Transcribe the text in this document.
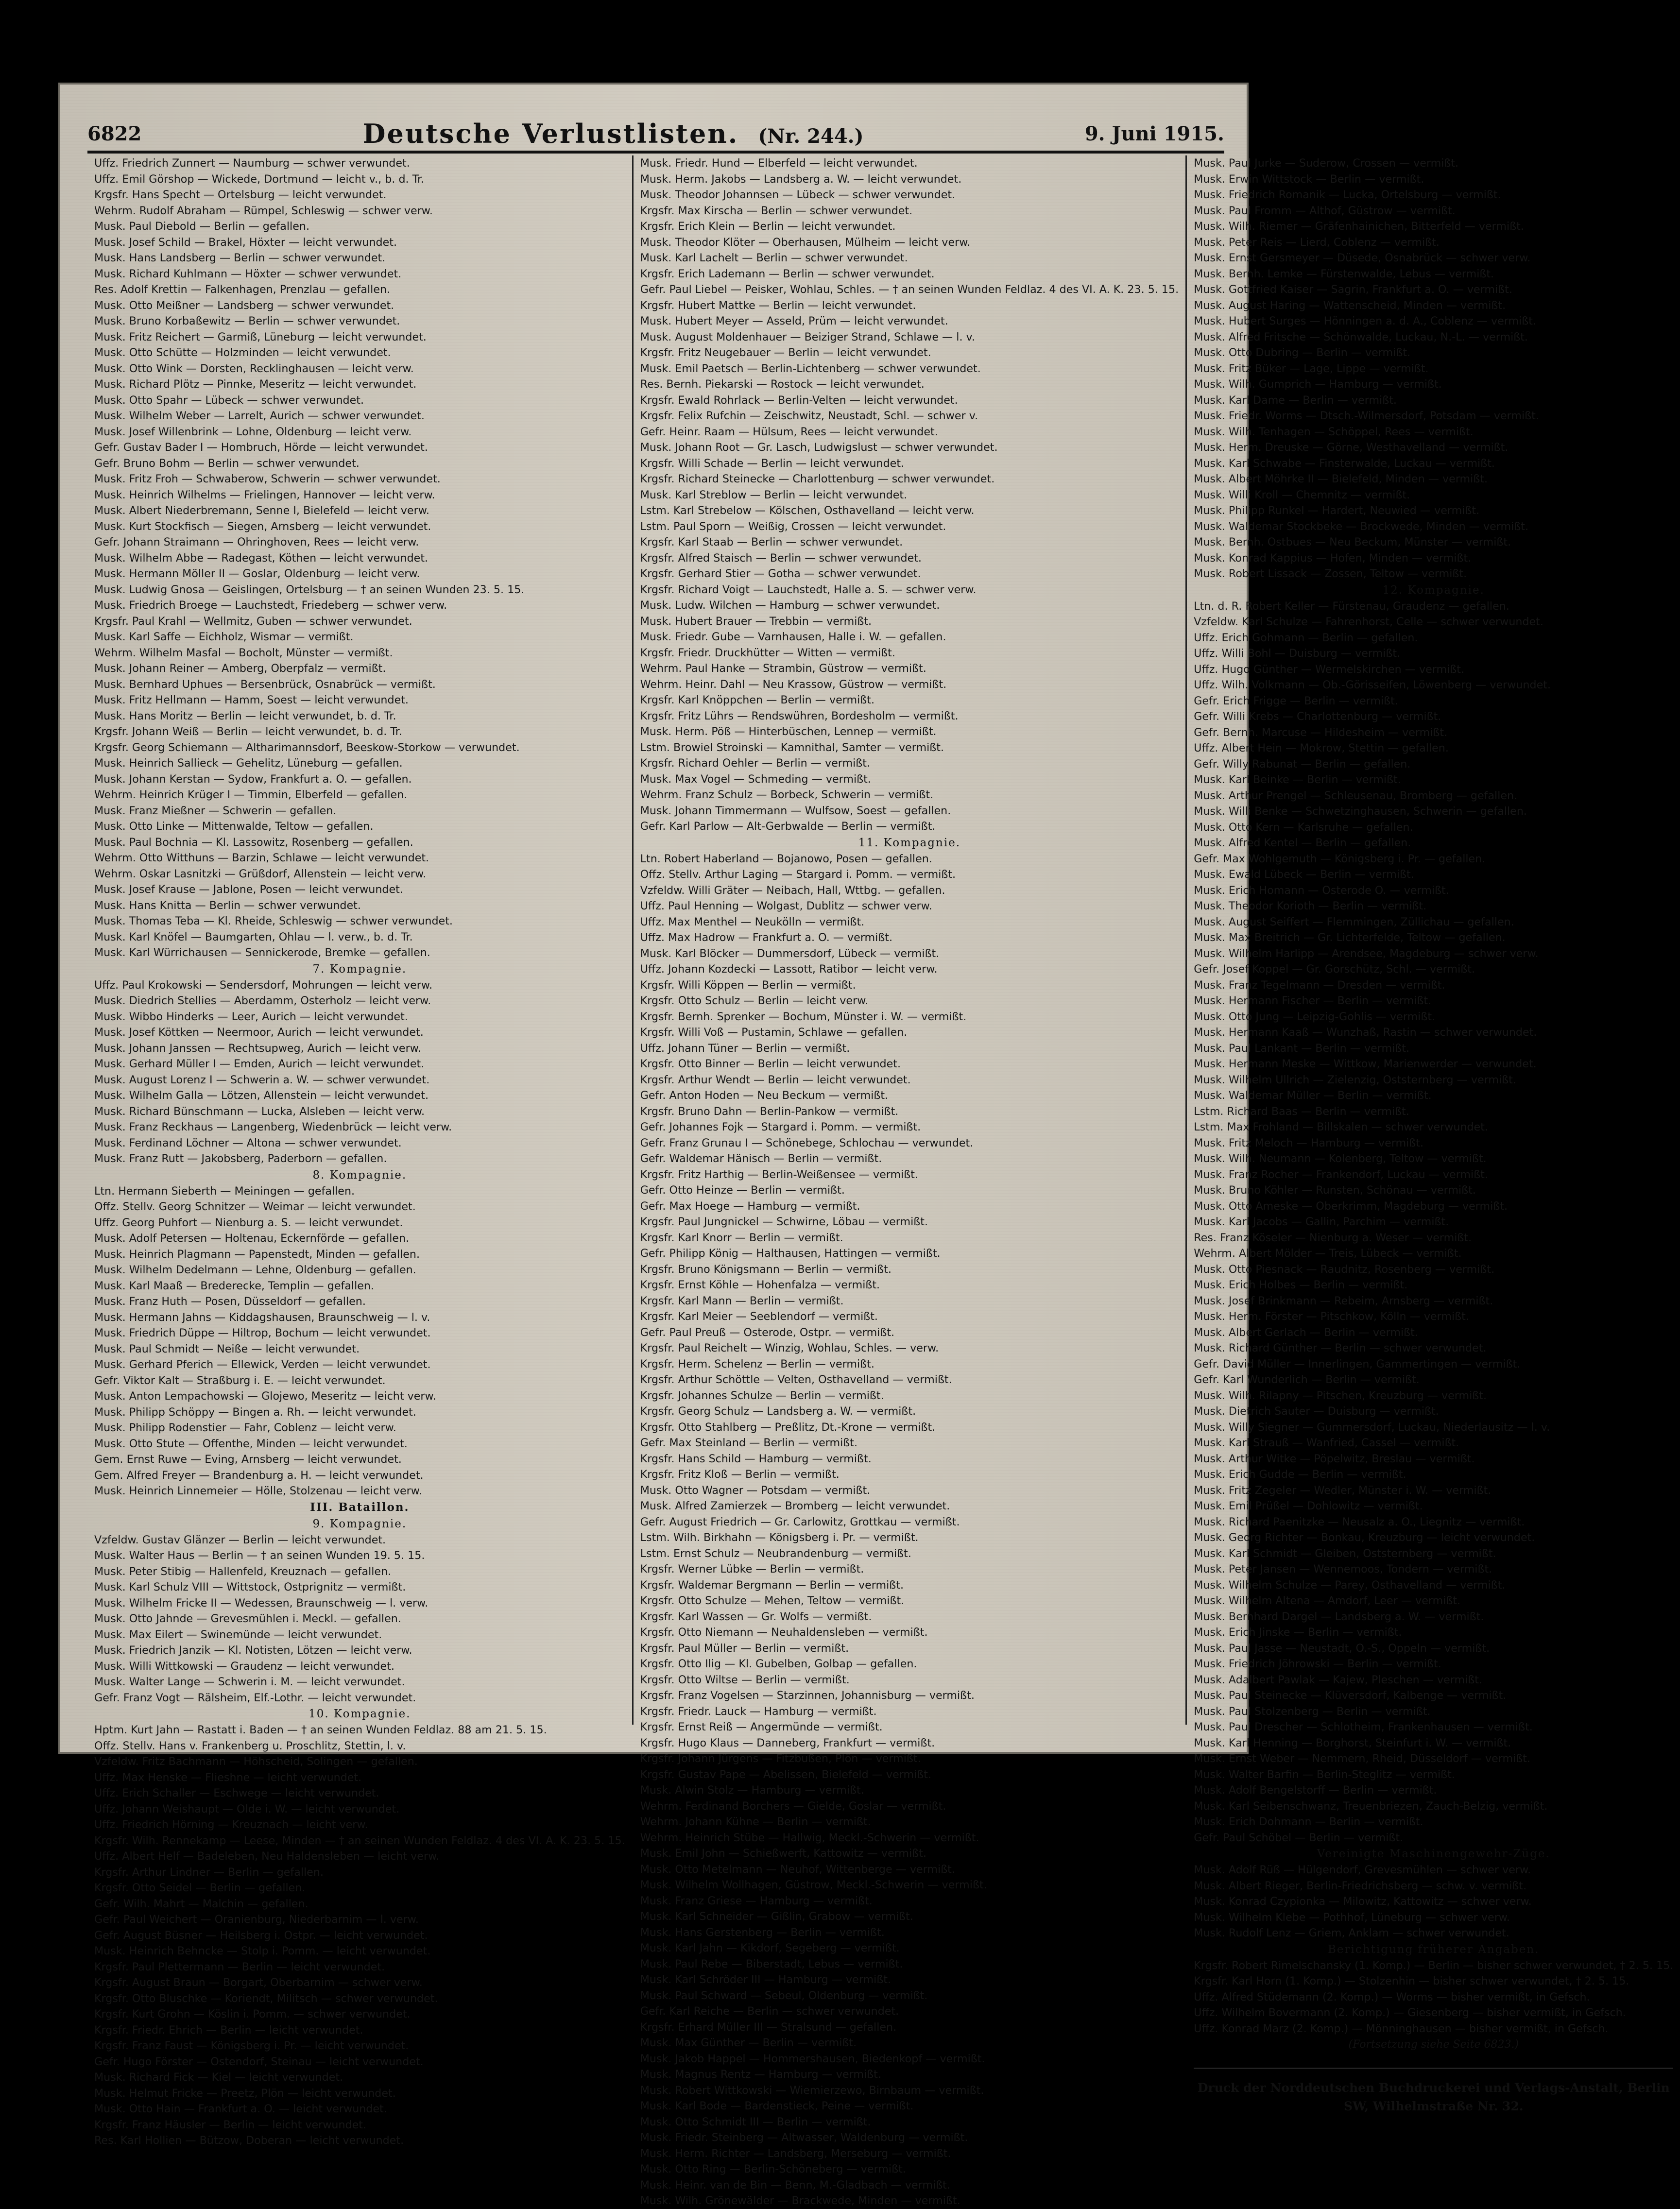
6822	Deutsche Verlustlisten. (Nr. 244.)	9. Juni 1915.
Uffz. Friedrich Zunnert — Naumburg — schwer verwundet.
Uffz. Emil Görshop — Wickede, Dortmund — leicht v., b. d. Tr.
Krgsfr. Hans Specht — Ortelsburg — leicht verwundet.
Wehrm. Rudolf Abraham — Rümpel, Schleswig — schwer verw.
Musk. Paul Diebold — Berlin — gefallen.
Musk. Josef Schild — Brakel, Höxter — leicht verwundet.
Musk. Hans Landsberg — Berlin — schwer verwundet.
Musk. Richard Kuhlmann — Höxter — schwer verwundet.
Res. Adolf Krettin — Falkenhagen, Prenzlau — gefallen.
Musk. Otto Meißner — Landsberg — schwer verwundet.
Musk. Bruno Korbaßewitz — Berlin — schwer verwundet.
Musk. Fritz Reichert — Garmiß, Lüneburg — leicht verwundet.
Musk. Otto Schütte — Holzminden — leicht verwundet.
Musk. Otto Wink — Dorsten, Recklinghausen — leicht verw.
Musk. Richard Plötz — Pinnke, Meseritz — leicht verwundet.
Musk. Otto Spahr — Lübeck — schwer verwundet.
Musk. Wilhelm Weber — Larrelt, Aurich — schwer verwundet.
Musk. Josef Willenbrink — Lohne, Oldenburg — leicht verw.
Gefr. Gustav Bader I — Hombruch, Hörde — leicht verwundet.
Gefr. Bruno Bohm — Berlin — schwer verwundet.
Musk. Fritz Froh — Schwaberow, Schwerin — schwer verwundet.
Musk. Heinrich Wilhelms — Frielingen, Hannover — leicht verw.
Musk. Albert Niederbremann, Senne I, Bielefeld — leicht verw.
Musk. Kurt Stockfisch — Siegen, Arnsberg — leicht verwundet.
Gefr. Johann Straimann — Ohringhoven, Rees — leicht verw.
Musk. Wilhelm Abbe — Radegast, Köthen — leicht verwundet.
Musk. Hermann Möller II — Goslar, Oldenburg — leicht verw.
Musk. Ludwig Gnosa — Geislingen, Ortelsburg — † an seinen Wunden 23. 5. 15.
Musk. Friedrich Broege — Lauchstedt, Friedeberg — schwer verw.
Krgsfr. Paul Krahl — Wellmitz, Guben — schwer verwundet.
Musk. Karl Saffe — Eichholz, Wismar — vermißt.
Wehrm. Wilhelm Masfal — Bocholt, Münster — vermißt.
Musk. Johann Reiner — Amberg, Oberpfalz — vermißt.
Musk. Bernhard Uphues — Bersenbrück, Osnabrück — vermißt.
Musk. Fritz Hellmann — Hamm, Soest — leicht verwundet.
Musk. Hans Moritz — Berlin — leicht verwundet, b. d. Tr.
Krgsfr. Johann Weiß — Berlin — leicht verwundet, b. d. Tr.
Krgsfr. Georg Schiemann — Altharimannsdorf, Beeskow-Storkow — verwundet.
Musk. Heinrich Sallieck — Gehelitz, Lüneburg — gefallen.
Musk. Johann Kerstan — Sydow, Frankfurt a. O. — gefallen.
Wehrm. Heinrich Krüger I — Timmin, Elberfeld — gefallen.
Musk. Franz Mießner — Schwerin — gefallen.
Musk. Otto Linke — Mittenwalde, Teltow — gefallen.
Musk. Paul Bochnia — Kl. Lassowitz, Rosenberg — gefallen.
Wehrm. Otto Witthuns — Barzin, Schlawe — leicht verwundet.
Wehrm. Oskar Lasnitzki — Grüßdorf, Allenstein — leicht verw.
Musk. Josef Krause — Jablone, Posen — leicht verwundet.
Musk. Hans Knitta — Berlin — schwer verwundet.
Musk. Thomas Teba — Kl. Rheide, Schleswig — schwer verwundet.
Musk. Karl Knöfel — Baumgarten, Ohlau — l. verw., b. d. Tr.
Musk. Karl Würrichausen — Sennickerode, Bremke — gefallen.
7. Kompagnie.
Uffz. Paul Krokowski — Sendersdorf, Mohrungen — leicht verw.
Musk. Diedrich Stellies — Aberdamm, Osterholz — leicht verw.
Musk. Wibbo Hinderks — Leer, Aurich — leicht verwundet.
Musk. Josef Köttken — Neermoor, Aurich — leicht verwundet.
Musk. Johann Janssen — Rechtsupweg, Aurich — leicht verw.
Musk. Gerhard Müller I — Emden, Aurich — leicht verwundet.
Musk. August Lorenz I — Schwerin a. W. — schwer verwundet.
Musk. Wilhelm Galla — Lötzen, Allenstein — leicht verwundet.
Musk. Richard Bünschmann — Lucka, Alsleben — leicht verw.
Musk. Franz Reckhaus — Langenberg, Wiedenbrück — leicht verw.
Musk. Ferdinand Löchner — Altona — schwer verwundet.
Musk. Franz Rutt — Jakobsberg, Paderborn — gefallen.
8. Kompagnie.
Ltn. Hermann Sieberth — Meiningen — gefallen.
Offz. Stellv. Georg Schnitzer — Weimar — leicht verwundet.
Uffz. Georg Puhfort — Nienburg a. S. — leicht verwundet.
Musk. Adolf Petersen — Holtenau, Eckernförde — gefallen.
Musk. Heinrich Plagmann — Papenstedt, Minden — gefallen.
Musk. Wilhelm Dedelmann — Lehne, Oldenburg — gefallen.
Musk. Karl Maaß — Brederecke, Templin — gefallen.
Musk. Franz Huth — Posen, Düsseldorf — gefallen.
Musk. Hermann Jahns — Kiddagshausen, Braunschweig — l. v.
Musk. Friedrich Düppe — Hiltrop, Bochum — leicht verwundet.
Musk. Paul Schmidt — Neiße — leicht verwundet.
Musk. Gerhard Pferich — Ellewick, Verden — leicht verwundet.
Gefr. Viktor Kalt — Straßburg i. E. — leicht verwundet.
Musk. Anton Lempachowski — Glojewo, Meseritz — leicht verw.
Musk. Philipp Schöppy — Bingen a. Rh. — leicht verwundet.
Musk. Philipp Rodenstier — Fahr, Coblenz — leicht verw.
Musk. Otto Stute — Offenthe, Minden — leicht verwundet.
Gem. Ernst Ruwe — Eving, Arnsberg — leicht verwundet.
Gem. Alfred Freyer — Brandenburg a. H. — leicht verwundet.
Musk. Heinrich Linnemeier — Hölle, Stolzenau — leicht verw.
III. Bataillon.
9. Kompagnie.
Vzfeldw. Gustav Glänzer — Berlin — leicht verwundet.
Musk. Walter Haus — Berlin — † an seinen Wunden 19. 5. 15.
Musk. Peter Stibig — Hallenfeld, Kreuznach — gefallen.
Musk. Karl Schulz VIII — Wittstock, Ostprignitz — vermißt.
Musk. Wilhelm Fricke II — Wedessen, Braunschweig — l. verw.
Musk. Otto Jahnde — Grevesmühlen i. Meckl. — gefallen.
Musk. Max Eilert — Swinemünde — leicht verwundet.
Musk. Friedrich Janzik — Kl. Notisten, Lötzen — leicht verw.
Musk. Willi Wittkowski — Graudenz — leicht verwundet.
Musk. Walter Lange — Schwerin i. M. — leicht verwundet.
Gefr. Franz Vogt — Rälsheim, Elf.-Lothr. — leicht verwundet.
10. Kompagnie.
Hptm. Kurt Jahn — Rastatt i. Baden — † an seinen Wunden Feldlaz. 88 am 21. 5. 15.
Offz. Stellv. Hans v. Frankenberg u. Proschlitz, Stettin, l. v.
Vzfeldw. Fritz Bachmann — Höhscheid, Solingen — gefallen.
Uffz. Max Henske — Flieshne — leicht verwundet.
Uffz. Erich Schaller — Eschwege — leicht verwundet.
Uffz. Johann Weishaupt — Olde i. W. — leicht verwundet.
Uffz. Friedrich Hörning — Kreuznach — leicht verw.
Krgsfr. Wilh. Rennekamp — Leese, Minden — † an seinen Wunden Feldlaz. 4 des VI. A. K. 23. 5. 15.
Uffz. Albert Helf — Badeleben, Neu Haldensleben — leicht verw.
Krgsfr. Arthur Lindner — Berlin — gefallen.
Krgsfr. Otto Seidel — Berlin — gefallen.
Gefr. Wilh. Mahrt — Malchin — gefallen.
Gefr. Paul Weichert — Oranienburg, Niederbarnim — l. verw.
Gefr. August Büsner — Heilsberg i. Ostpr. — leicht verwundet.
Musk. Heinrich Behncke — Stolp i. Pomm. — leicht verwundet.
Krgsfr. Paul Plettermann — Berlin — leicht verwundet.
Krgsfr. August Braun — Borgart, Oberbarnim — schwer verw.
Krgsfr. Otto Bluschke — Koriendt, Militsch — schwer verwundet.
Krgsfr. Kurt Grohn — Köslin i. Pomm. — schwer verwundet.
Krgsfr. Friedr. Ehrich — Berlin — leicht verwundet.
Krgsfr. Franz Faust — Königsberg i. Pr. — leicht verwundet.
Gefr. Hugo Förster — Ostendorf, Steinau — leicht verwundet.
Musk. Richard Fick — Kiel — leicht verwundet.
Musk. Helmut Fricke — Preetz, Plön — leicht verwundet.
Musk. Otto Hain — Frankfurt a. O. — leicht verwundet.
Krgsfr. Franz Häusler — Berlin — leicht verwundet.
Res. Karl Hollien — Bützow, Doberan — leicht verwundet.
Musk. Friedr. Hund — Elberfeld — leicht verwundet.
Musk. Herm. Jakobs — Landsberg a. W. — leicht verwundet.
Musk. Theodor Johannsen — Lübeck — schwer verwundet.
Krgsfr. Max Kirscha — Berlin — schwer verwundet.
Krgsfr. Erich Klein — Berlin — leicht verwundet.
Musk. Theodor Klöter — Oberhausen, Mülheim — leicht verw.
Musk. Karl Lachelt — Berlin — schwer verwundet.
Krgsfr. Erich Lademann — Berlin — schwer verwundet.
Gefr. Paul Liebel — Peisker, Wohlau, Schles. — † an seinen Wunden Feldlaz. 4 des VI. A. K. 23. 5. 15.
Krgsfr. Hubert Mattke — Berlin — leicht verwundet.
Musk. Hubert Meyer — Asseld, Prüm — leicht verwundet.
Musk. August Moldenhauer — Beiziger Strand, Schlawe — l. v.
Krgsfr. Fritz Neugebauer — Berlin — leicht verwundet.
Musk. Emil Paetsch — Berlin-Lichtenberg — schwer verwundet.
Res. Bernh. Piekarski — Rostock — leicht verwundet.
Krgsfr. Ewald Rohrlack — Berlin-Velten — leicht verwundet.
Krgsfr. Felix Rufchin — Zeischwitz, Neustadt, Schl. — schwer v.
Gefr. Heinr. Raam — Hülsum, Rees — leicht verwundet.
Musk. Johann Root — Gr. Lasch, Ludwigslust — schwer verwundet.
Krgsfr. Willi Schade — Berlin — leicht verwundet.
Krgsfr. Richard Steinecke — Charlottenburg — schwer verwundet.
Musk. Karl Streblow — Berlin — leicht verwundet.
Lstm. Karl Strebelow — Kölschen, Osthavelland — leicht verw.
Lstm. Paul Sporn — Weißig, Crossen — leicht verwundet.
Krgsfr. Karl Staab — Berlin — schwer verwundet.
Krgsfr. Alfred Staisch — Berlin — schwer verwundet.
Krgsfr. Gerhard Stier — Gotha — schwer verwundet.
Krgsfr. Richard Voigt — Lauchstedt, Halle a. S. — schwer verw.
Musk. Ludw. Wilchen — Hamburg — schwer verwundet.
Musk. Hubert Brauer — Trebbin — vermißt.
Musk. Friedr. Gube — Varnhausen, Halle i. W. — gefallen.
Krgsfr. Friedr. Druckhütter — Witten — vermißt.
Wehrm. Paul Hanke — Strambin, Güstrow — vermißt.
Wehrm. Heinr. Dahl — Neu Krassow, Güstrow — vermißt.
Krgsfr. Karl Knöppchen — Berlin — vermißt.
Krgsfr. Fritz Lührs — Rendswühren, Bordesholm — vermißt.
Musk. Herm. Pöß — Hinterbüschen, Lennep — vermißt.
Lstm. Browiel Stroinski — Kamnithal, Samter — vermißt.
Krgsfr. Richard Oehler — Berlin — vermißt.
Musk. Max Vogel — Schmeding — vermißt.
Wehrm. Franz Schulz — Borbeck, Schwerin — vermißt.
Musk. Johann Timmermann — Wulfsow, Soest — gefallen.
Gefr. Karl Parlow — Alt-Gerbwalde — Berlin — vermißt.
11. Kompagnie.
Ltn. Robert Haberland — Bojanowo, Posen — gefallen.
Offz. Stellv. Arthur Laging — Stargard i. Pomm. — vermißt.
Vzfeldw. Willi Gräter — Neibach, Hall, Wttbg. — gefallen.
Uffz. Paul Henning — Wolgast, Dublitz — schwer verw.
Uffz. Max Menthel — Neukölln — vermißt.
Uffz. Max Hadrow — Frankfurt a. O. — vermißt.
Musk. Karl Blöcker — Dummersdorf, Lübeck — vermißt.
Uffz. Johann Kozdecki — Lassott, Ratibor — leicht verw.
Krgsfr. Willi Köppen — Berlin — vermißt.
Krgsfr. Otto Schulz — Berlin — leicht verw.
Krgsfr. Bernh. Sprenker — Bochum, Münster i. W. — vermißt.
Krgsfr. Willi Voß — Pustamin, Schlawe — gefallen.
Uffz. Johann Tüner — Berlin — vermißt.
Krgsfr. Otto Binner — Berlin — leicht verwundet.
Krgsfr. Arthur Wendt — Berlin — leicht verwundet.
Gefr. Anton Hoden — Neu Beckum — vermißt.
Krgsfr. Bruno Dahn — Berlin-Pankow — vermißt.
Gefr. Johannes Fojk — Stargard i. Pomm. — vermißt.
Gefr. Franz Grunau I — Schönebege, Schlochau — verwundet.
Gefr. Waldemar Hänisch — Berlin — vermißt.
Krgsfr. Fritz Harthig — Berlin-Weißensee — vermißt.
Gefr. Otto Heinze — Berlin — vermißt.
Gefr. Max Hoege — Hamburg — vermißt.
Krgsfr. Paul Jungnickel — Schwirne, Löbau — vermißt.
Krgsfr. Karl Knorr — Berlin — vermißt.
Gefr. Philipp König — Halthausen, Hattingen — vermißt.
Krgsfr. Bruno Königsmann — Berlin — vermißt.
Krgsfr. Ernst Köhle — Hohenfalza — vermißt.
Krgsfr. Karl Mann — Berlin — vermißt.
Krgsfr. Karl Meier — Seeblendorf — vermißt.
Gefr. Paul Preuß — Osterode, Ostpr. — vermißt.
Krgsfr. Paul Reichelt — Winzig, Wohlau, Schles. — verw.
Krgsfr. Herm. Schelenz — Berlin — vermißt.
Krgsfr. Arthur Schöttle — Velten, Osthavelland — vermißt.
Krgsfr. Johannes Schulze — Berlin — vermißt.
Krgsfr. Georg Schulz — Landsberg a. W. — vermißt.
Krgsfr. Otto Stahlberg — Preßlitz, Dt.-Krone — vermißt.
Gefr. Max Steinland — Berlin — vermißt.
Krgsfr. Hans Schild — Hamburg — vermißt.
Krgsfr. Fritz Kloß — Berlin — vermißt.
Musk. Otto Wagner — Potsdam — vermißt.
Musk. Alfred Zamierzek — Bromberg — leicht verwundet.
Gefr. August Friedrich — Gr. Carlowitz, Grottkau — vermißt.
Lstm. Wilh. Birkhahn — Königsberg i. Pr. — vermißt.
Lstm. Ernst Schulz — Neubrandenburg — vermißt.
Krgsfr. Werner Lübke — Berlin — vermißt.
Krgsfr. Waldemar Bergmann — Berlin — vermißt.
Krgsfr. Otto Schulze — Mehen, Teltow — vermißt.
Krgsfr. Karl Wassen — Gr. Wolfs — vermißt.
Krgsfr. Otto Niemann — Neuhaldensleben — vermißt.
Krgsfr. Paul Müller — Berlin — vermißt.
Krgsfr. Otto Ilig — Kl. Gubelben, Golbap — gefallen.
Krgsfr. Otto Wiltse — Berlin — vermißt.
Krgsfr. Franz Vogelsen — Starzinnen, Johannisburg — vermißt.
Krgsfr. Friedr. Lauck — Hamburg — vermißt.
Krgsfr. Ernst Reiß — Angermünde — vermißt.
Krgsfr. Hugo Klaus — Danneberg, Frankfurt — vermißt.
Krgsfr. Johann Jürgens — Fitzbußen, Plön — vermißt.
Krgsfr. Gustav Pape — Abelissen, Bielefeld — vermißt.
Musk. Alwin Stolz — Hamburg — vermißt.
Wehrm. Ferdinand Borchers — Gielde, Goslar — vermißt.
Wehrm. Johann Kühne — Berlin — vermißt.
Wehrm. Heinrich Stübe — Hallwig, Meckl.-Schwerin — vermißt.
Musk. Emil John — Schießwerft, Kattowitz — vermißt.
Musk. Otto Metelmann — Neuhof, Wittenberge — vermißt.
Musk. Wilhelm Wollhagen, Güstrow, Meckl.-Schwerin — vermißt.
Musk. Franz Griese — Hamburg — vermißt.
Musk. Karl Schneider — Gißlin, Grabow — vermißt.
Musk. Hans Gerstenberg — Berlin — vermißt.
Musk. Karl Jahn — Kikdorf, Segeberg — vermißt.
Musk. Paul Rebe — Biberstadt, Lebus — vermißt.
Musk. Karl Schröder III — Hamburg — vermißt.
Musk. Paul Schward — Sebeul, Oldenburg — vermißt.
Gefr. Karl Reiche — Berlin — schwer verwundet.
Krgsfr. Erhard Müller III — Stralsund — gefallen.
Musk. Max Günther — Berlin — vermißt.
Musk. Jakob Happel — Hommershausen, Biedenkopf — vermißt.
Musk. Magnus Rentz — Hamburg — vermißt.
Musk. Robert Wittkowski — Wiemierzewo, Birnbaum — vermißt.
Musk. Karl Bode — Bardenstieck, Peine — vermißt.
Musk. Otto Schmidt III — Berlin — vermißt.
Musk. Friedr. Steinberg — Altwasser, Waldenburg — vermißt.
Musk. Herm. Richter — Landsberg, Merseburg — vermißt.
Musk. Otto Ring — Berlin-Schöneberg — vermißt.
Musk. Heinr. van de Bin — Benn, M.-Gladbach — vermißt.
Musk. Wilh. Grönewälder — Brackwede, Minden — vermißt.
Musk. Paul Jurke — Suderow, Crossen — vermißt.
Musk. Erwin Wittstock — Berlin — vermißt.
Musk. Friedrich Romanik — Lucka, Ortelsburg — vermißt.
Musk. Paul Fromm — Althof, Güstrow — vermißt.
Musk. Wilh. Riemer — Gräfenhainichen, Bitterfeld — vermißt.
Musk. Peter Reis — Lierd, Coblenz — vermißt.
Musk. Ernst Gersmeyer — Düsede, Osnabrück — schwer verw.
Musk. Bernh. Lemke — Fürstenwalde, Lebus — vermißt.
Musk. Gottfried Kaiser — Sagrin, Frankfurt a. O. — vermißt.
Musk. August Haring — Wattenscheid, Minden — vermißt.
Musk. Hubert Surges — Hönningen a. d. A., Coblenz — vermißt.
Musk. Alfred Fritsche — Schönwalde, Luckau, N.-L. — vermißt.
Musk. Otto Dubring — Berlin — vermißt.
Musk. Fritz Büker — Lage, Lippe — vermißt.
Musk. Wilh. Gumprich — Hamburg — vermißt.
Musk. Karl Dame — Berlin — vermißt.
Musk. Friedr. Worms — Dtsch.-Wilmersdorf, Potsdam — vermißt.
Musk. Wilh. Tenhagen — Schöppel, Rees — vermißt.
Musk. Herm. Dreuske — Görne, Westhavelland — vermißt.
Musk. Karl Schwabe — Finsterwalde, Luckau — vermißt.
Musk. Albert Möhrke II — Bielefeld, Minden — vermißt.
Musk. Willi Kroll — Chemnitz — vermißt.
Musk. Philipp Runkel — Hardert, Neuwied — vermißt.
Musk. Waldemar Stockbeke — Brockwede, Minden — vermißt.
Musk. Bernh. Ostbues — Neu Beckum, Münster — vermißt.
Musk. Konrad Kappius — Hofen, Minden — vermißt.
Musk. Robert Lissack — Zossen, Teltow — vermißt.
12. Kompagnie.
Ltn. d. R. Robert Keller — Fürstenau, Graudenz — gefallen.
Vzfeldw. Karl Schulze — Fahrenhorst, Celle — schwer verwundet.
Uffz. Erich Gohmann — Berlin — gefallen.
Uffz. Willi Bohl — Duisburg — vermißt.
Uffz. Hugo Günther — Wermelskirchen — vermißt.
Uffz. Wilh. Volkmann — Ob.-Görisseifen, Löwenberg — verwundet.
Gefr. Erich Frigge — Berlin — vermißt.
Gefr. Willi Krebs — Charlottenburg — vermißt.
Gefr. Bernh. Marcuse — Hildesheim — vermißt.
Uffz. Albert Hein — Mokrow, Stettin — gefallen.
Gefr. Willy Rabunat — Berlin — gefallen.
Musk. Karl Beinke — Berlin — vermißt.
Musk. Arthur Prengel — Schleusenau, Bromberg — gefallen.
Musk. Willi Benke — Schwetzinghausen, Schwerin — gefallen.
Musk. Otto Kern — Karlsruhe — gefallen.
Musk. Alfred Kentel — Berlin — gefallen.
Gefr. Max Wohlgemuth — Königsberg i. Pr. — gefallen.
Musk. Ewald Lübeck — Berlin — vermißt.
Musk. Erich Homann — Osterode O. — vermißt.
Musk. Theodor Korioth — Berlin — vermißt.
Musk. August Seiffert — Flemmingen, Züllichau — gefallen.
Musk. Max Breitrich — Gr. Lichterfelde, Teltow — gefallen.
Musk. Wilhelm Harlipp — Arendsee, Magdeburg — schwer verw.
Gefr. Josef Koppel — Gr. Gorschütz, Schl. — vermißt.
Musk. Franz Tegelmann — Dresden — vermißt.
Musk. Hermann Fischer — Berlin — vermißt.
Musk. Otto Jung — Leipzig-Gohlis — vermißt.
Musk. Hermann Kaaß — Wunzhaß, Rastin — schwer verwundet.
Musk. Paul Lankant — Berlin — vermißt.
Musk. Hermann Meske — Wittkow, Marienwerder — verwundet.
Musk. Wilhelm Ullrich — Zielenzig, Oststernberg — vermißt.
Musk. Waldemar Müller — Berlin — vermißt.
Lstm. Richard Baas — Berlin — vermißt.
Lstm. Max Frohland — Billskalen — schwer verwundet.
Musk. Fritz Meloch — Hamburg — vermißt.
Musk. Wilh. Neumann — Kolenberg, Teltow — vermißt.
Musk. Franz Rocher — Frankendorf, Luckau — vermißt.
Musk. Bruno Köhler — Runsten, Schönau — vermißt.
Musk. Otto Ameske — Oberkrimm, Magdeburg — vermißt.
Musk. Karl Jacobs — Gallin, Parchim — vermißt.
Res. Franz Köseler — Nienburg a. Weser — vermißt.
Wehrm. Albert Mölder — Treis, Lübeck — vermißt.
Musk. Otto Piesnack — Raudnitz, Rosenberg — vermißt.
Musk. Erich Holbes — Berlin — vermißt.
Musk. Josef Brinkmann — Rebeim, Arnsberg — vermißt.
Musk. Herm. Förster — Pitschkow, Kölln — vermißt.
Musk. Albert Gerlach — Berlin — vermißt.
Musk. Richard Günther — Berlin — schwer verwundet.
Gefr. David Müller — Innerlingen, Gammertingen — vermißt.
Gefr. Karl Wunderlich — Berlin — vermißt.
Musk. Wilh. Rilapny — Pitschen, Kreuzburg — vermißt.
Musk. Dietrich Sauter — Duisburg — vermißt.
Musk. Willy Siegner — Gummersdorf, Luckau, Niederlausitz — l. v.
Musk. Karl Strauß — Wanfried, Cassel — vermißt.
Musk. Arthur Witke — Pöpelwitz, Breslau — vermißt.
Musk. Erich Gudde — Berlin — vermißt.
Musk. Fritz Zegeler — Wedler, Münster i. W. — vermißt.
Musk. Emil Prüßel — Dohlowitz — vermißt.
Musk. Richard Paenitzke — Neusalz a. O., Liegnitz — vermißt.
Musk. Georg Richter — Bonkau, Kreuzburg — leicht verwundet.
Musk. Karl Schmidt — Gleiben, Oststernberg — vermißt.
Musk. Peter Jansen — Wennemoos, Tondern — vermißt.
Musk. Wilhelm Schulze — Parey, Osthavelland — vermißt.
Musk. Wilhelm Altena — Amdorf, Leer — vermißt.
Musk. Bernhard Dargel — Landsberg a. W. — vermißt.
Musk. Erich Jinske — Berlin — vermißt.
Musk. Paul Jasse — Neustadt, O.-S., Oppeln — vermißt.
Musk. Friedrich Jöhrowski — Berlin — vermißt.
Musk. Adalbert Pawlak — Kajew, Pleschen — vermißt.
Musk. Paul Steinecke — Klüversdorf, Kalbenge — vermißt.
Musk. Paul Stolzenberg — Berlin — vermißt.
Musk. Paul Drescher — Schlotheim, Frankenhausen — vermißt.
Musk. Karl Henning — Borghorst, Steinfurt i. W. — vermißt.
Musk. Ernst Weber — Nemmern, Rheid, Düsseldorf — vermißt.
Musk. Walter Barfin — Berlin-Steglitz — vermißt.
Musk. Adolf Bengelstorff — Berlin — vermißt.
Musk. Karl Seibenschwanz, Treuenbriezen, Zauch-Belzig, vermißt.
Musk. Erich Dohmann — Berlin — vermißt.
Gefr. Paul Schöbel — Berlin — vermißt.
Vereinigte Maschinengewehr-Züge.
Musk. Adolf Rüß — Hülgendorf, Grevesmühlen — schwer verw.
Musk. Albert Rieger, Berlin-Friedrichsberg — schw. v. vermißt.
Musk. Konrad Czypionka — Milowitz, Kattowitz — schwer verw.
Musk. Wilhelm Klebe — Pothhof, Lüneburg — schwer verw.
Musk. Rudolf Lenz — Griem, Anklam — schwer verwundet.
Berichtigung früherer Angaben.
Krgsfr. Robert Rimelschansky (1. Komp.) — Berlin — bisher schwer verwundet, † 2. 5. 15.
Krgsfr. Karl Horn (1. Komp.) — Stolzenhin — bisher schwer verwundet, † 2. 5. 15.
Uffz. Alfred Stüdemann (2. Komp.) — Worms — bisher vermißt, in Gefsch.
Uffz. Wilhelm Bovermann (2. Komp.) — Giesenberg — bisher vermißt, in Gefsch.
Uffz. Konrad Marz (2. Komp.) — Mönninghausen — bisher vermißt, in Gefsch.
(Fortsetzung siehe Seite 6823.)
Druck der Norddeutschen Buchdruckerei und Verlags-Anstalt, Berlin SW, Wilhelmstraße Nr. 32.
